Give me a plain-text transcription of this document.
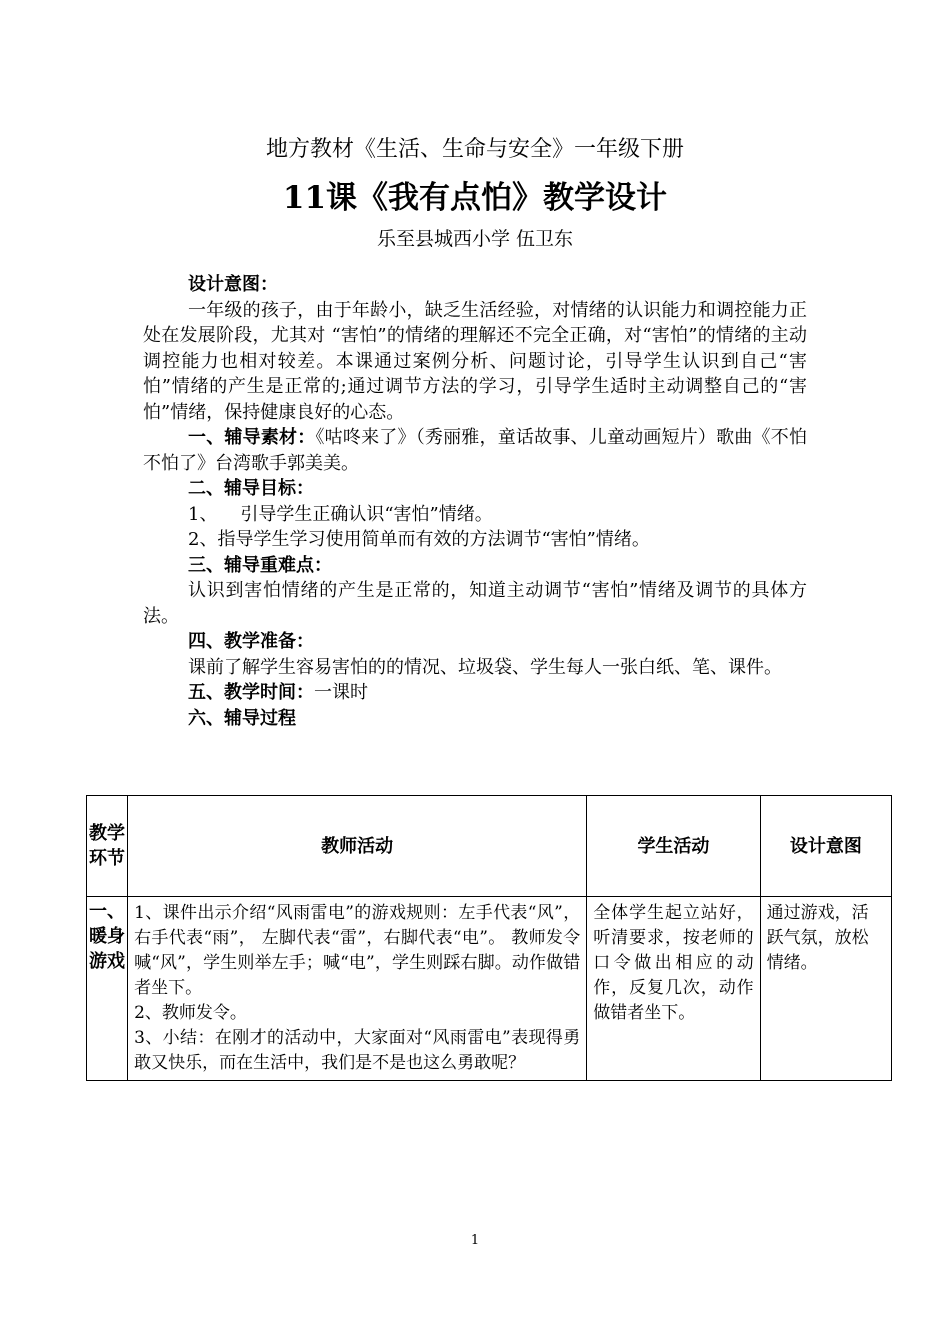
地方教材《生活、生命与安全》一年级下册
11课《我有点怕》教学设计
乐至县城西小学 伍卫东

设计意图：

一年级的孩子，由于年龄小，缺乏生活经验，对情绪的认识能力和调控能力正处在发展阶段，尤其对 “害怕”的情绪的理解还不完全正确，对“害怕”的情绪的主动调控能力也相对较差。本课通过案例分析、问题讨论，引导学生认识到自己“害怕”情绪的产生是正常的;通过调节方法的学习，引导学生适时主动调整自己的“害怕”情绪，保持健康良好的心态。

一、辅导素材：《咕咚来了》（秀丽雅，童话故事、儿童动画短片）歌曲《不怕不怕了》台湾歌手郭美美。

二、辅导目标：

1、    引导学生正确认识“害怕”情绪。

2、指导学生学习使用简单而有效的方法调节“害怕”情绪。

三、辅导重难点：

认识到害怕情绪的产生是正常的，知道主动调节“害怕”情绪及调节的具体方法。

四、教学准备：

课前了解学生容易害怕的的情况、垃圾袋、学生每人一张白纸、笔、课件。

五、教学时间：一课时

六、辅导过程

教学环节	教师活动	学生活动	设计意图
一、暖身游戏	1、课件出示介绍“风雨雷电”的游戏规则：左手代表“风”，右手代表“雨”， 左脚代表“雷”，右脚代表“电”。 教师发令喊“风”，学生则举左手；喊“电”，学生则踩右脚。动作做错者坐下。

2、教师发令。

3、小结：在刚才的活动中，大家面对“风雨雷电”表现得勇敢又快乐，而在生活中，我们是不是也这么勇敢呢？	全体学生起立站好，听清要求，按老师的口令做出相应的动作，反复几次，动作做错者坐下。	通过游戏，活跃气氛，放松情绪。
1
